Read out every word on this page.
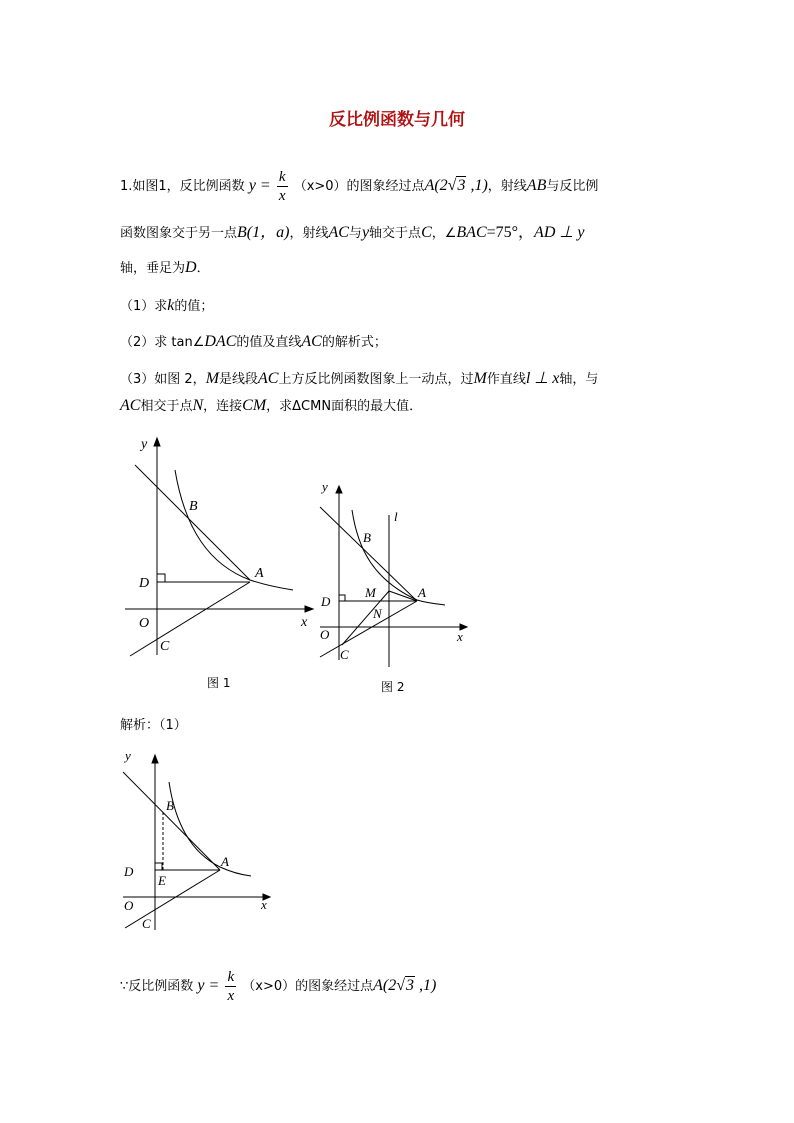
反比例函数与几何
1.如图1，反比例函数 $y = \frac{k}{x} (x>0)$的图象经过点A(2√3 ,1)，射线AB与反比例
函数图象交于另一点B(1，a)，射线AC与y轴交于点C，∠BAC=75°，AD ⊥ y
轴，垂足为D．
（1）求k的值；
（2）求 tan∠DAC的值及直线AC的解析式；
（3）如图 2，M是线段AC上方反比例函数图象上一动点，过M作直线l ⊥ x轴，与
AC相交于点N，连接CM，求ΔCMN面积的最大值．
y
x
B
A
D
O
C
图 1
y
x
l
B
A
M
N
D
O
C
图 2
解析：（1）
y
x
B
A
D
E
O
C
∵反比例函数 $y = \frac{k}{x} (x>0)$的图象经过点A(2√3 ,1)
